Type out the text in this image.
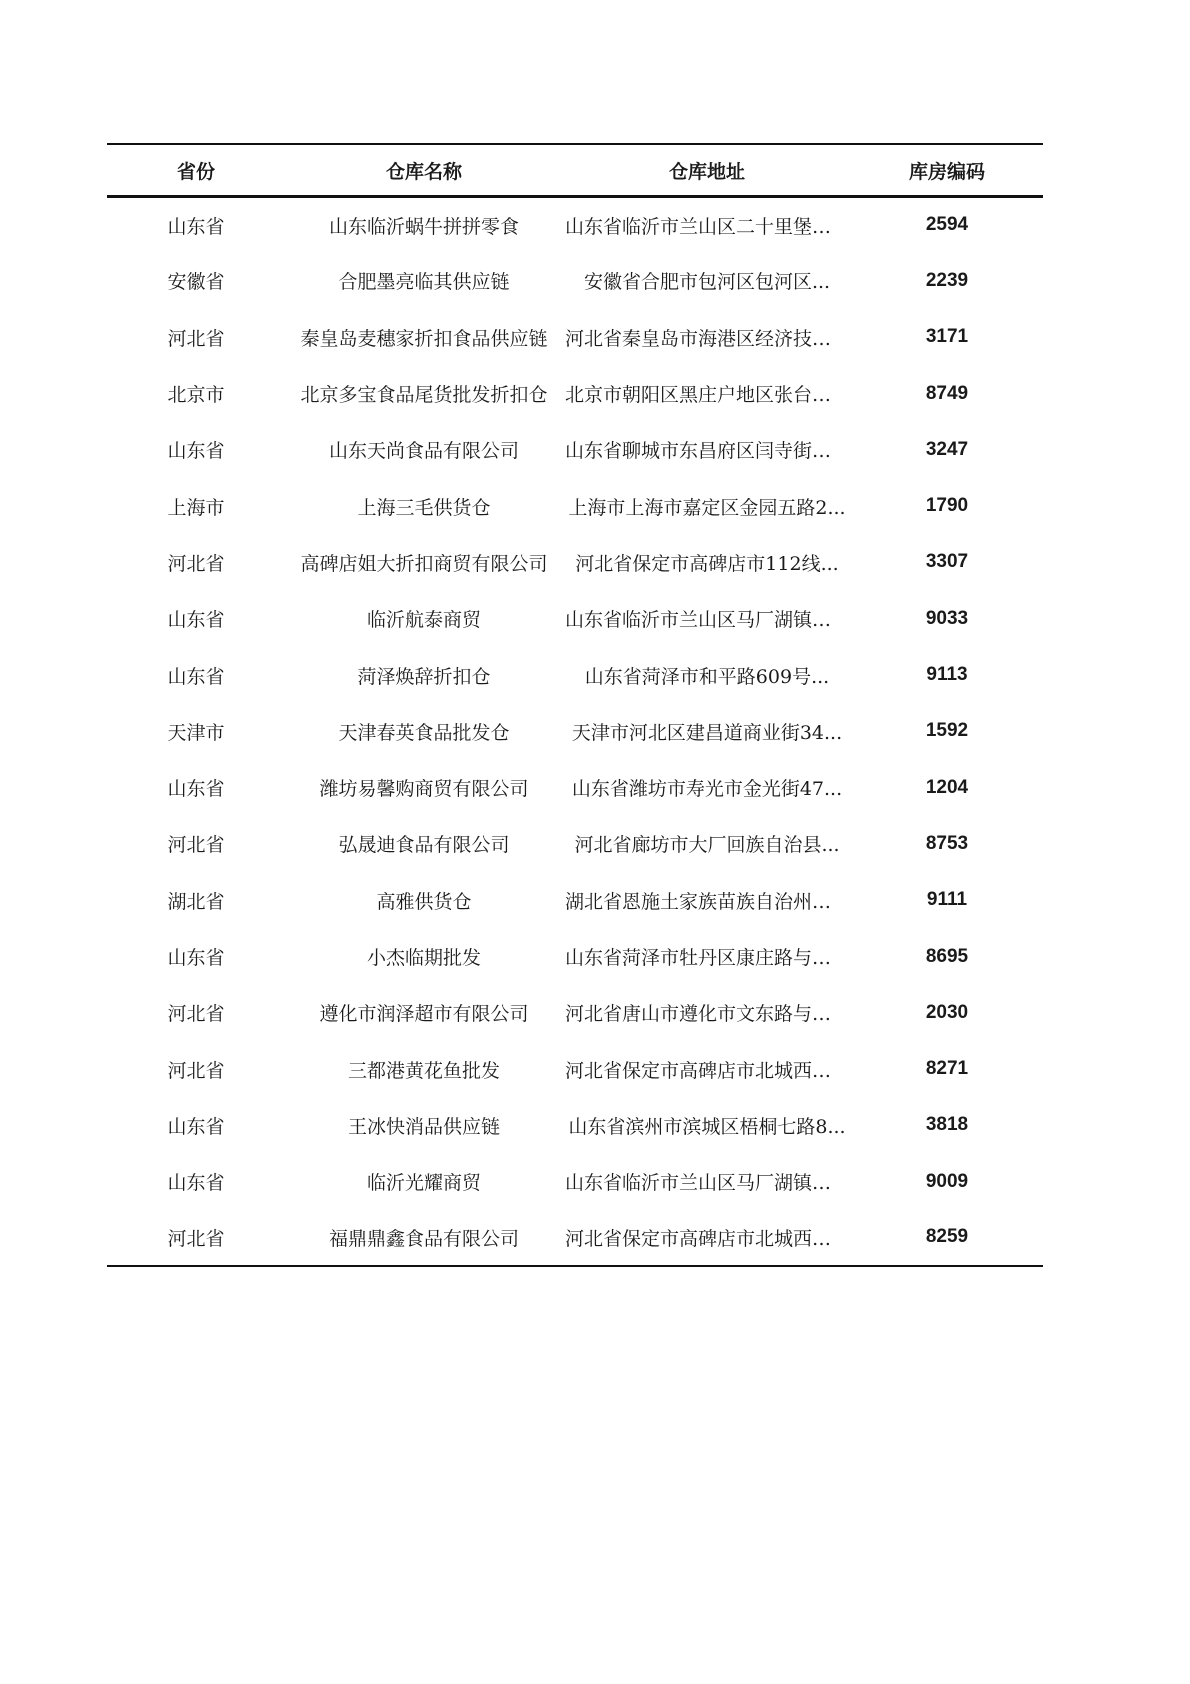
省份	仓库名称	仓库地址	库房编码
山东省	山东临沂蜗牛拼拼零食	山东省临沂市兰山区二十里堡东...	2594
安徽省	合肥墨亮临其供应链	安徽省合肥市包河区包河区...	2239
河北省	秦皇岛麦穗家折扣食品供应链	河北省秦皇岛市海港区经济技术...	3171
北京市	北京多宝食品尾货批发折扣仓	北京市朝阳区黑庄户地区张台路...	8749
山东省	山东天尚食品有限公司	山东省聊城市东昌府区闫寺街道...	3247
上海市	上海三毛供货仓	上海市上海市嘉定区金园五路2...	1790
河北省	高碑店姐大折扣商贸有限公司	河北省保定市高碑店市112线...	3307
山东省	临沂航泰商贸	山东省临沂市兰山区马厂湖镇启...	9033
山东省	菏泽焕辞折扣仓	山东省菏泽市和平路609号...	9113
天津市	天津春英食品批发仓	天津市河北区建昌道商业街34...	1592
山东省	潍坊易馨购商贸有限公司	山东省潍坊市寿光市金光街47...	1204
河北省	弘晟迪食品有限公司	河北省廊坊市大厂回族自治县...	8753
湖北省	高雅供货仓	湖北省恩施土家族苗族自治州恩...	9111
山东省	小杰临期批发	山东省菏泽市牡丹区康庄路与牡...	8695
河北省	遵化市润泽超市有限公司	河北省唐山市遵化市文东路与燕...	2030
河北省	三都港黄花鱼批发	河北省保定市高碑店市北城西路...	8271
山东省	王冰快消品供应链	山东省滨州市滨城区梧桐七路8...	3818
山东省	临沂光耀商贸	山东省临沂市兰山区马厂湖镇高...	9009
河北省	福鼎鼎鑫食品有限公司	河北省保定市高碑店市北城西路...	8259
